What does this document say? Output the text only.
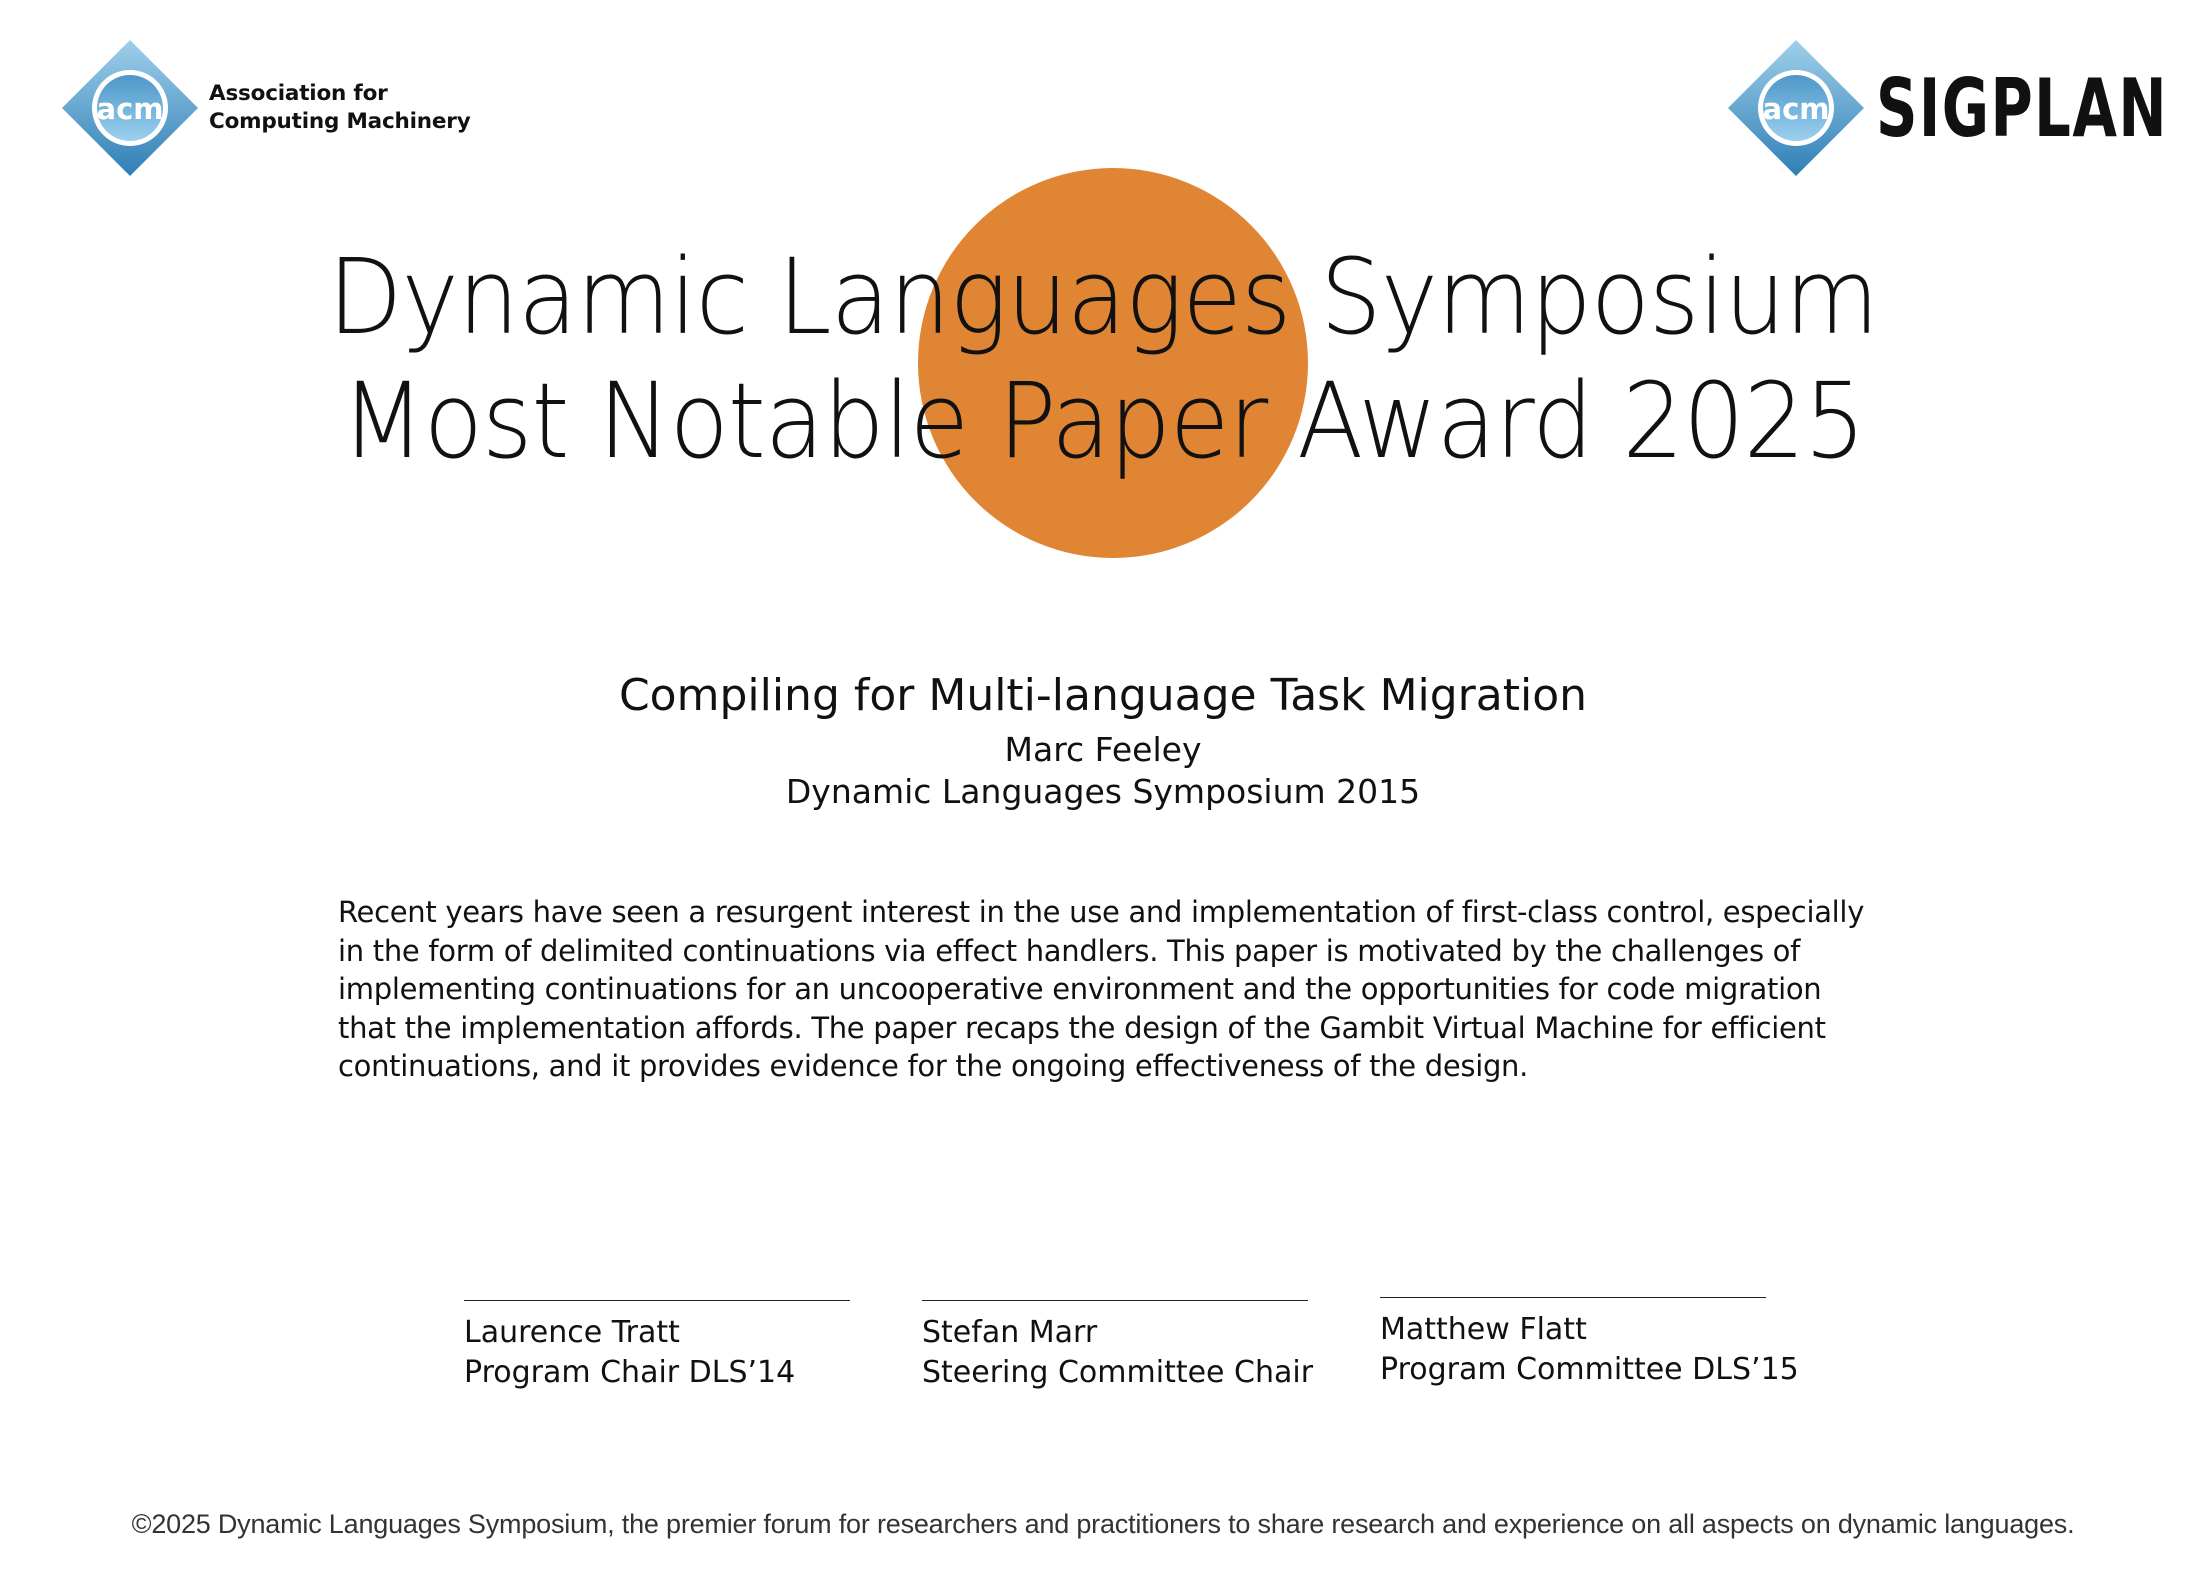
acm Association for
Computing Machinery	acm SIGPLAN
Dynamic Languages Symposium
Most Notable Paper Award 2025
Compiling for Multi-language Task Migration
Marc Feeley
Dynamic Languages Symposium 2015
Recent years have seen a resurgent interest in the use and implementation of first-class control, especially
in the form of delimited continuations via effect handlers. This paper is motivated by the challenges of
implementing continuations for an uncooperative environment and the opportunities for code migration
that the implementation affords. The paper recaps the design of the Gambit Virtual Machine for efficient
continuations, and it provides evidence for the ongoing effectiveness of the design.
Laurence Tratt
Program Chair DLS’14
Stefan Marr
Steering Committee Chair
Matthew Flatt
Program Committee DLS’15
©2025 Dynamic Languages Symposium, the premier forum for researchers and practitioners to share research and experience on all aspects on dynamic languages.
